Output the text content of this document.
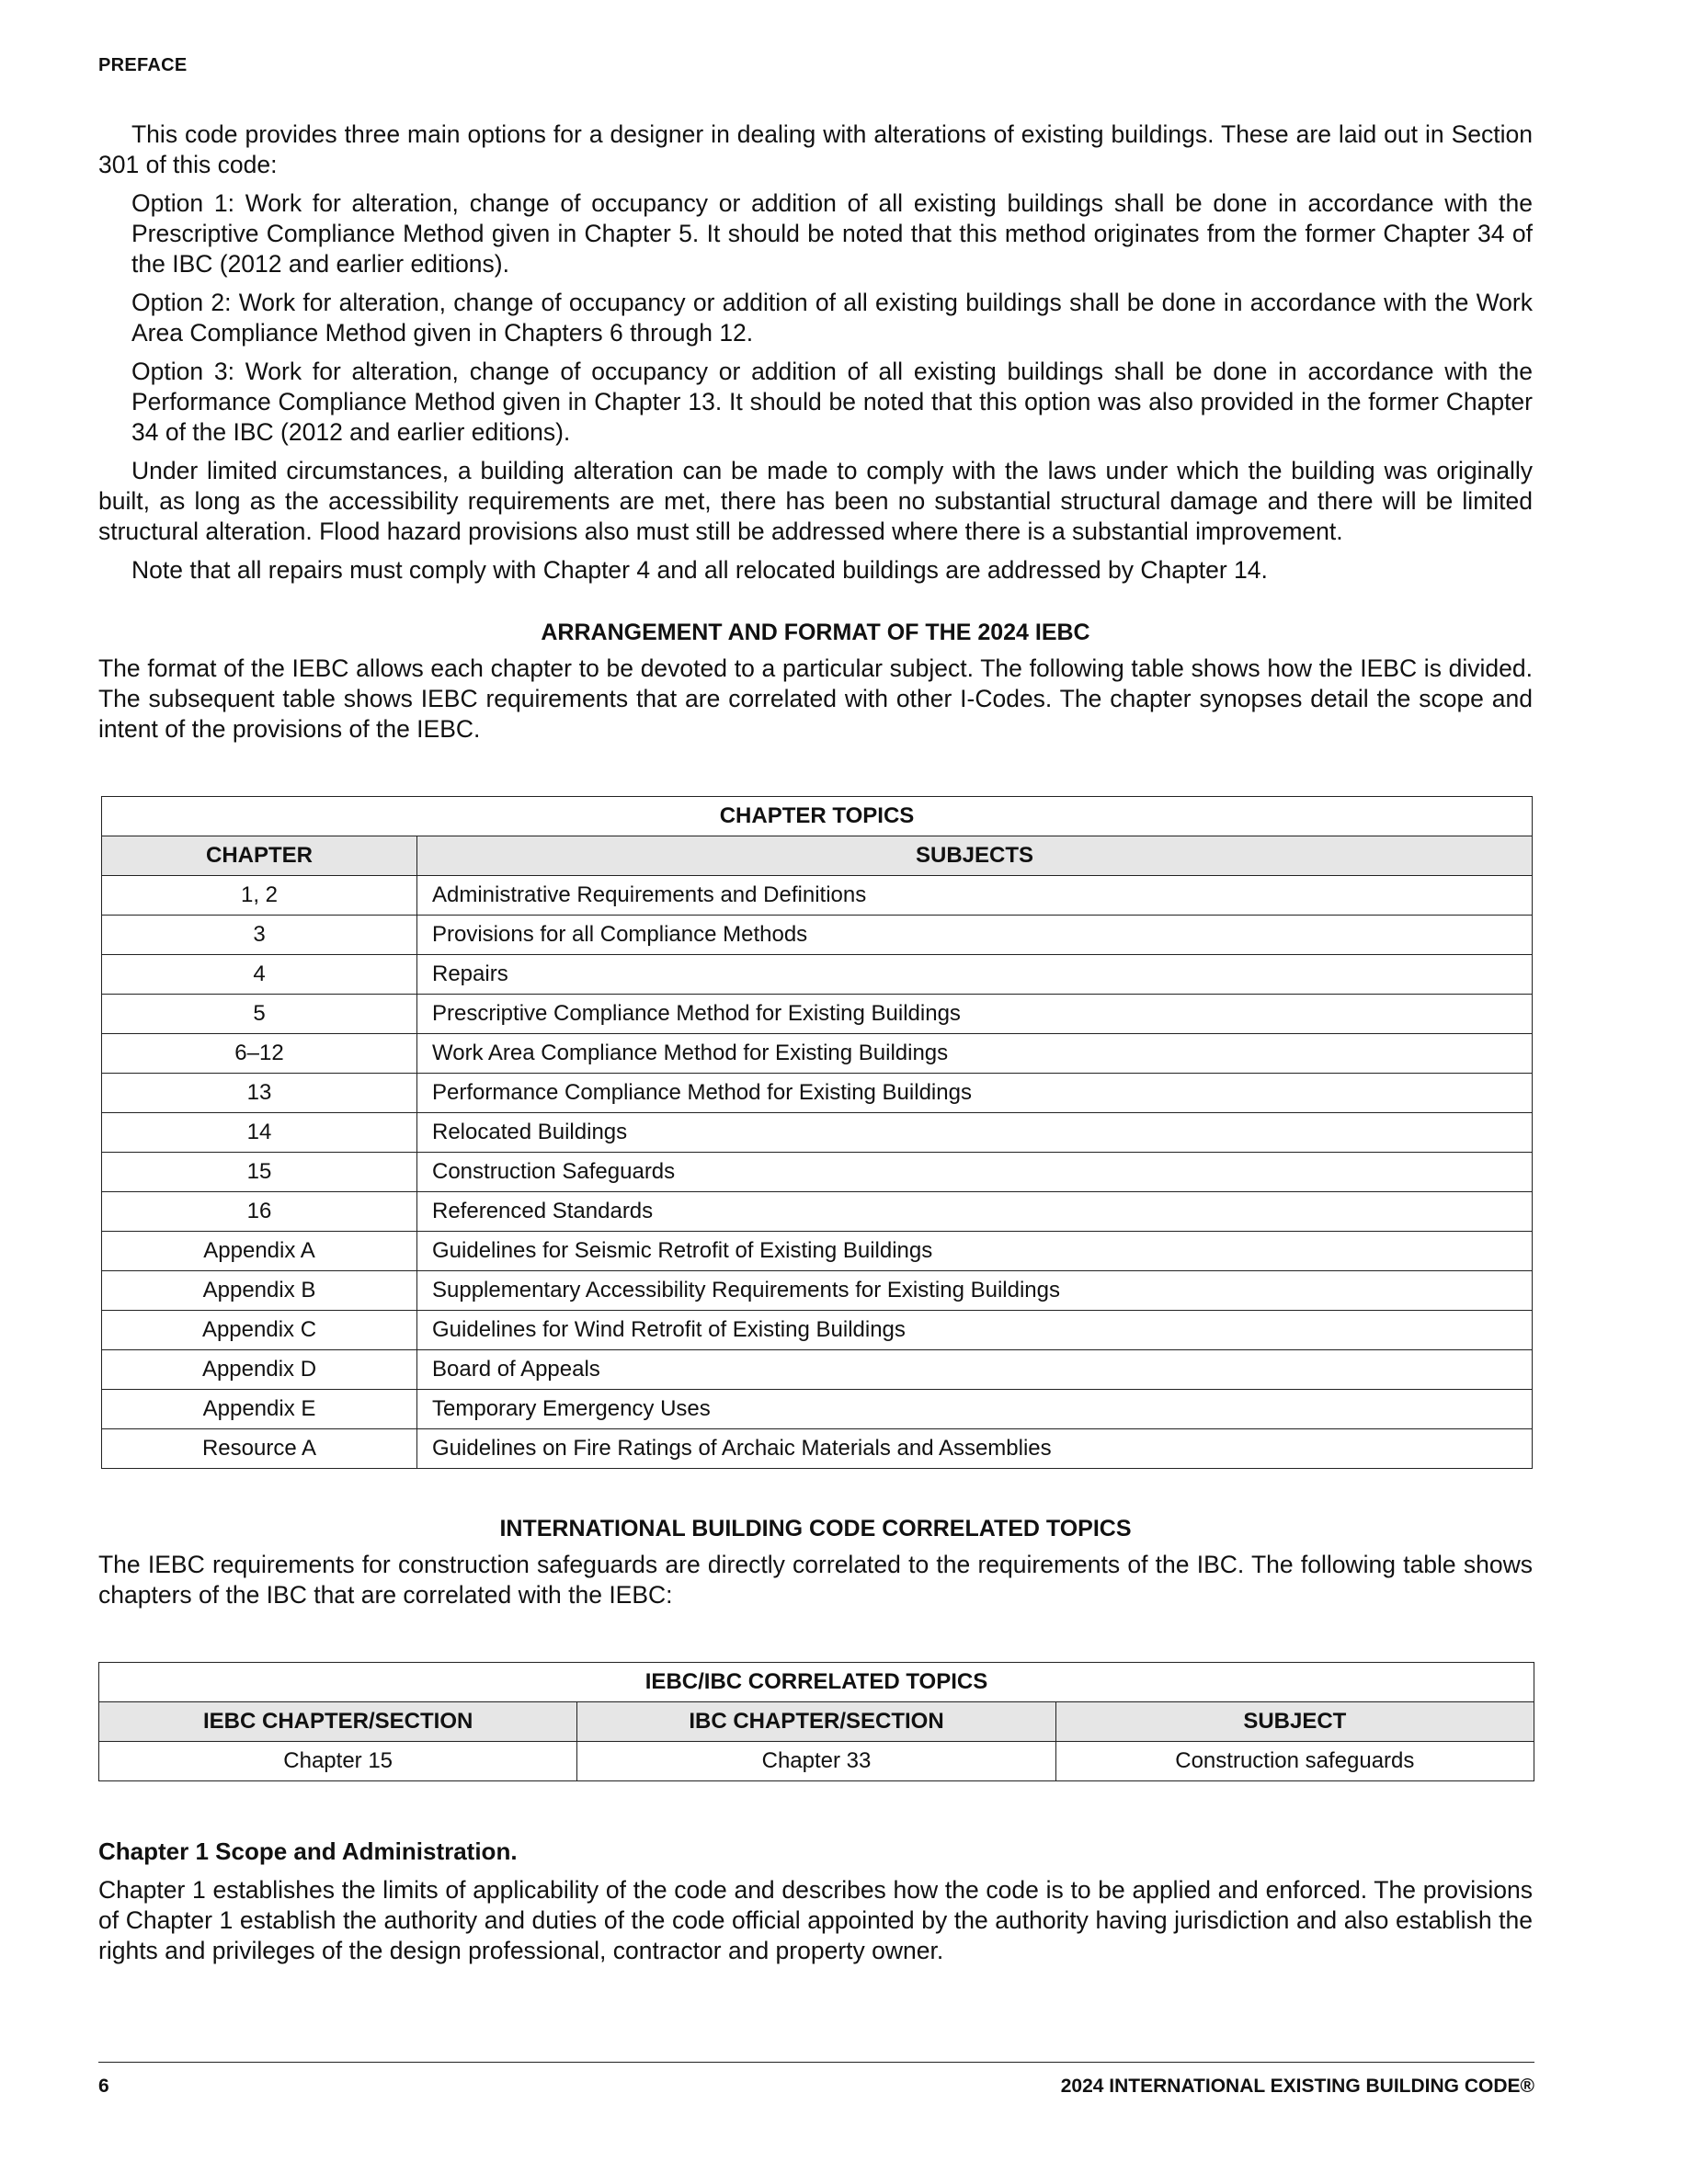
PREFACE

This code provides three main options for a designer in dealing with alterations of existing buildings. These are laid out in Section 301 of this code:

Option 1: Work for alteration, change of occupancy or addition of all existing buildings shall be done in accordance with the Prescriptive Compliance Method given in Chapter 5. It should be noted that this method originates from the former Chapter 34 of the IBC (2012 and earlier editions).

Option 2: Work for alteration, change of occupancy or addition of all existing buildings shall be done in accordance with the Work Area Compliance Method given in Chapters 6 through 12.

Option 3: Work for alteration, change of occupancy or addition of all existing buildings shall be done in accordance with the Performance Compliance Method given in Chapter 13. It should be noted that this option was also provided in the former Chapter 34 of the IBC (2012 and earlier editions).

Under limited circumstances, a building alteration can be made to comply with the laws under which the building was originally built, as long as the accessibility requirements are met, there has been no substantial structural damage and there will be limited structural alteration. Flood hazard provisions also must still be addressed where there is a substantial improvement.

Note that all repairs must comply with Chapter 4 and all relocated buildings are addressed by Chapter 14.

ARRANGEMENT AND FORMAT OF THE 2024 IEBC

The format of the IEBC allows each chapter to be devoted to a particular subject. The following table shows how the IEBC is divided. The subsequent table shows IEBC requirements that are correlated with other I-Codes. The chapter synopses detail the scope and intent of the provisions of the IEBC.

CHAPTER TOPICS	
CHAPTER	SUBJECTS
1, 2	Administrative Requirements and Definitions
3	Provisions for all Compliance Methods
4	Repairs
5	Prescriptive Compliance Method for Existing Buildings
6–12	Work Area Compliance Method for Existing Buildings
13	Performance Compliance Method for Existing Buildings
14	Relocated Buildings
15	Construction Safeguards
16	Referenced Standards
Appendix A	Guidelines for Seismic Retrofit of Existing Buildings
Appendix B	Supplementary Accessibility Requirements for Existing Buildings
Appendix C	Guidelines for Wind Retrofit of Existing Buildings
Appendix D	Board of Appeals
Appendix E	Temporary Emergency Uses
Resource A	Guidelines on Fire Ratings of Archaic Materials and Assemblies
INTERNATIONAL BUILDING CODE CORRELATED TOPICS

The IEBC requirements for construction safeguards are directly correlated to the requirements of the IBC. The following table shows chapters of the IBC that are correlated with the IEBC:

IEBC/IBC CORRELATED TOPICS		
IEBC CHAPTER/SECTION	IBC CHAPTER/SECTION	SUBJECT
Chapter 15	Chapter 33	Construction safeguards
Chapter 1 Scope and Administration.

Chapter 1 establishes the limits of applicability of the code and describes how the code is to be applied and enforced. The provisions of Chapter 1 establish the authority and duties of the code official appointed by the authority having jurisdiction and also establish the rights and privileges of the design professional, contractor and property owner.

6	2024 INTERNATIONAL EXISTING BUILDING CODE®
